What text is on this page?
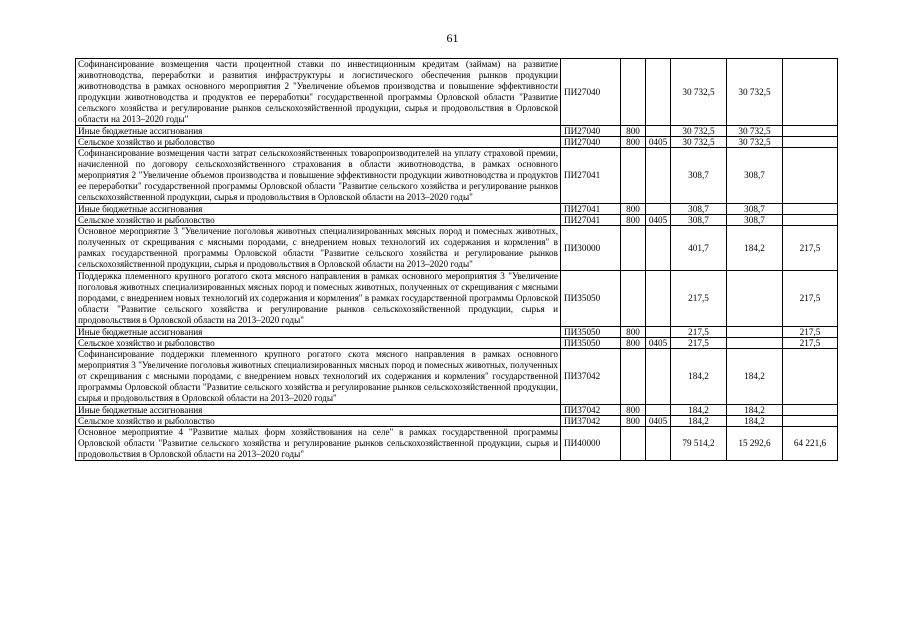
61
Софинансирование возмещения части процентной ставки по инвестиционным кредитам (займам) на развитие животноводства, переработки и развития инфраструктуры и логистического обеспечения рынков продукции животноводства в рамках основного мероприятия 2 "Увеличение объемов производства и повышение эффективности продукции животноводства и продуктов ее переработки" государственной программы Орловской области "Развитие сельского хозяйства и регулирование рынков сельскохозяйственной продукции, сырья и продовольствия в Орловской области на 2013–2020 годы"	ПИ27040			30 732,5	30 732,5	
Иные бюджетные ассигнования	ПИ27040	800		30 732,5	30 732,5	
Сельское хозяйство и рыболовство	ПИ27040	800	0405	30 732,5	30 732,5	
Софинансирование возмещения части затрат сельскохозяйственных товаропроизводителей на уплату страховой премии, начисленной по договору сельскохозяйственного страхования в области животноводства, в рамках основного мероприятия 2 "Увеличение объемов производства и повышение эффективности продукции животноводства и продуктов ее переработки" государственной программы Орловской области "Развитие сельского хозяйства и регулирование рынков сельскохозяйственной продукции, сырья и продовольствия в Орловской области на 2013–2020 годы"	ПИ27041			308,7	308,7	
Иные бюджетные ассигнования	ПИ27041	800		308,7	308,7	
Сельское хозяйство и рыболовство	ПИ27041	800	0405	308,7	308,7	
Основное мероприятие 3 "Увеличение поголовья животных специализированных мясных пород и помесных животных, полученных от скрещивания с мясными породами, с внедрением новых технологий их содержания и кормления" в рамках государственной программы Орловской области "Развитие сельского хозяйства и регулирование рынков сельскохозяйственной продукции, сырья и продовольствия в Орловской области на 2013–2020 годы"	ПИ30000			401,7	184,2	217,5
Поддержка племенного крупного рогатого скота мясного направления в рамках основного мероприятия 3 "Увеличение поголовья животных специализированных мясных пород и помесных животных, полученных от скрещивания с мясными породами, с внедрением новых технологий их содержания и кормления" в рамках государственной программы Орловской области "Развитие сельского хозяйства и регулирование рынков сельскохозяйственной продукции, сырья и продовольствия в Орловской области на 2013–2020 годы"	ПИ35050			217,5		217,5
Иные бюджетные ассигнования	ПИ35050	800		217,5		217,5
Сельское хозяйство и рыболовство	ПИ35050	800	0405	217,5		217,5
Софинансирование поддержки племенного крупного рогатого скота мясного направления в рамках основного мероприятия 3 "Увеличение поголовья животных специализированных мясных пород и помесных животных, полученных от скрещивания с мясными породами, с внедрением новых технологий их содержания и кормления" государственной программы Орловской области "Развитие сельского хозяйства и регулирование рынков сельскохозяйственной продукции, сырья и продовольствия в Орловской области на 2013–2020 годы"	ПИ37042			184,2	184,2	
Иные бюджетные ассигнования	ПИ37042	800		184,2	184,2	
Сельское хозяйство и рыболовство	ПИ37042	800	0405	184,2	184,2	
Основное мероприятие 4 "Развитие малых форм хозяйствования на селе" в рамках государственной программы Орловской области "Развитие сельского хозяйства и регулирование рынков сельскохозяйственной продукции, сырья и продовольствия в Орловской области на 2013–2020 годы"	ПИ40000			79 514,2	15 292,6	64 221,6
